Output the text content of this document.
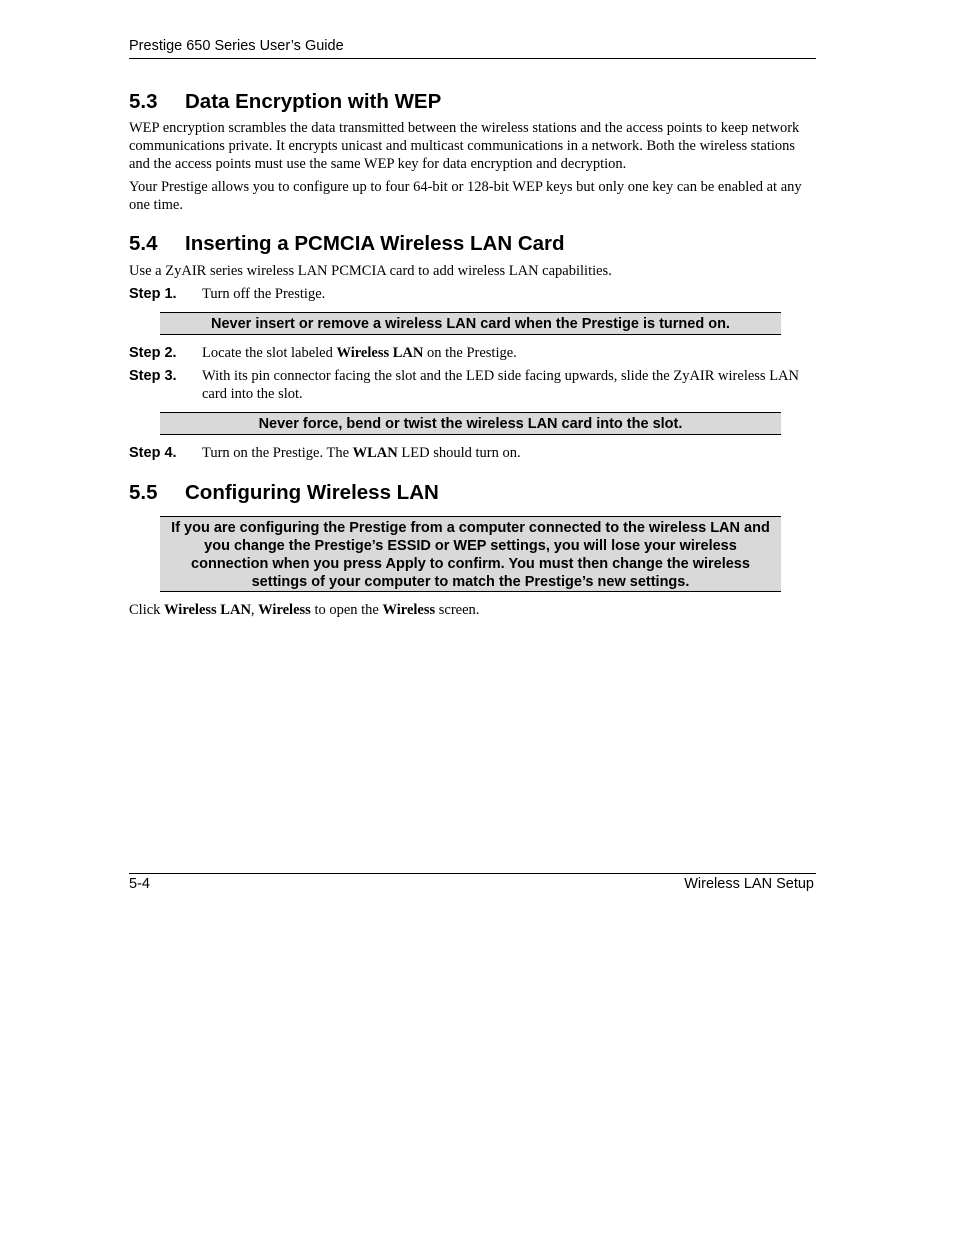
Prestige 650 Series User’s Guide
5.3 Data Encryption with WEP
WEP encryption scrambles the data transmitted between the wireless stations and the access points to keep network communications private. It encrypts unicast and multicast communications in a network. Both the wireless stations and the access points must use the same WEP key for data encryption and decryption.
Your Prestige allows you to configure up to four 64-bit or 128-bit WEP keys but only one key can be enabled at any one time.
5.4 Inserting a PCMCIA Wireless LAN Card
Use a ZyAIR series wireless LAN PCMCIA card to add wireless LAN capabilities.
Step 1. Turn off the Prestige.
Never insert or remove a wireless LAN card when the Prestige is turned on.
Step 2. Locate the slot labeled Wireless LAN on the Prestige.
Step 3. With its pin connector facing the slot and the LED side facing upwards, slide the ZyAIR wireless LAN card into the slot.
Never force, bend or twist the wireless LAN card into the slot.
Step 4. Turn on the Prestige. The WLAN LED should turn on.
5.5 Configuring Wireless LAN
If you are configuring the Prestige from a computer connected to the wireless LAN and you change the Prestige’s ESSID or WEP settings, you will lose your wireless connection when you press Apply to confirm. You must then change the wireless settings of your computer to match the Prestige’s new settings.
Click Wireless LAN, Wireless to open the Wireless screen.
5-4	Wireless LAN Setup
